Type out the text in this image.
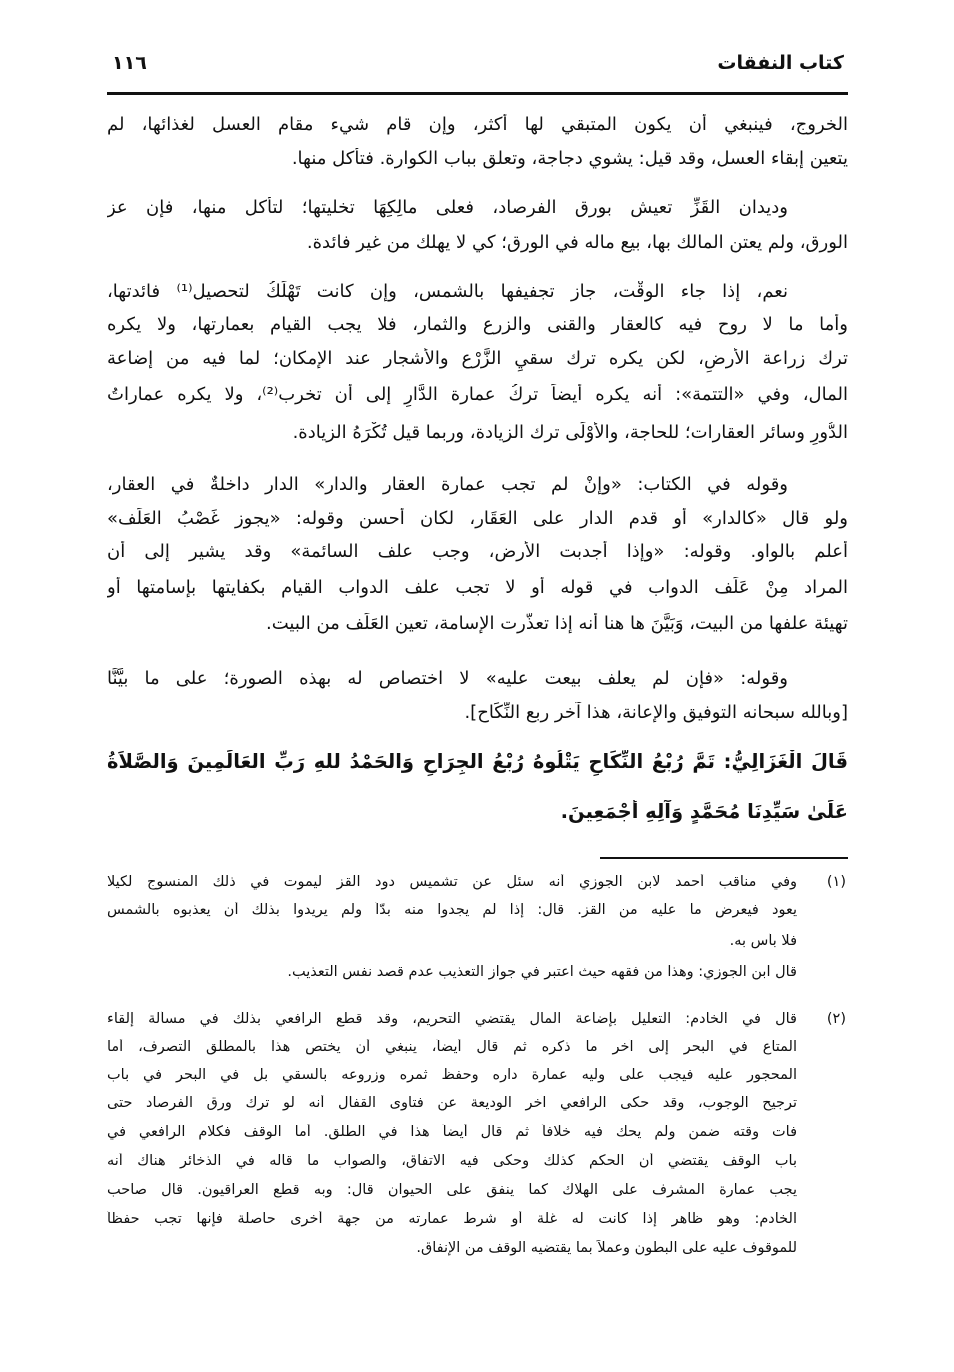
١١٦	كتاب النفقات
الخروج، فينبغي أن يكون المتبقي لها أكثر، وإن قام شيء مقام العسل لغذائها، لم
يتعين إبقاء العسل، وقد قيل: يشوي دجاجة، وتعلق بباب الكوارة. فتأكل منها.
وديدان القَزِّ تعيش بورق الفرصاد، فعلى مالِكِهَا تخليتها؛ لتأكل منها، فإن عز
الورق، ولم يعتن المالك بها، بيع ماله في الورق؛ كي لا يهلك من غير فائدة.
نعم، إذا جاء الوقْت، جاز تجفيفها بالشمس، وإن كانت تَهْلَكُ لتحصيل⁽¹⁾ فائدتها،
وأما ما لا روح فيه كالعقار والقنى والزرع والثمار، فلا يجب القيام بعمارتها، ولا يكره
ترك زراعة الأرضِ، لكن يكره ترك سقيِ الزَّرْع والأشجار عند الإمكان؛ لما فيه من إضاعة
المال، وفي «التتمة»: أنه يكره أيضاً تركُ عمارة الدَّارِ إلى أن تخرب⁽²⁾، ولا يكره عماراتُ
الدُّورِ وسائر العقارات؛ للحاجة، والأَوْلَى ترك الزيادة، وربما قيل تُكْرَهُ الزيادة.
وقوله في الكتاب: «وإنْ لم تجب عمارة العقار والدار» الدار داخلةٌ في العقار،
ولو قال «كالدار» أو قدم الدار على العَقَار، لكان أحسن وقوله: «يجوز غَصْبُ العَلَف»
أعلم بالواو. وقوله: «وإذا أجدبت الأرض، وجب علف السائمة» وقد يشير إلى أن
المراد مِنْ عَلَف الدواب في قوله أو لا تجب علف الدواب القيام بكفايتها بإسامتها أو
تهيئة علفها من البيت، وَبَيَّنَ ها هنا أنه إذا تعذَّرت الإسامة، تعين العَلَف من البيت.
وقوله: «فإن لم يعلف بيعت عليه» لا اختصاص له بهذه الصورة؛ على ما بيَّنَّا
[وبالله سبحانه التوفيق والإعانة، هذا آخر ربع النِّكَاح].
قَالَ الْغَزَالِيُّ: تَمَّ رُبْعُ النِّكَاحِ يَتْلُوهُ رُبْعُ الجِرَاحِ وَالحَمْدُ للهِ رَبِّ العَالَمِينَ وَالصَّلاَةُ
عَلَىٰ سَيِّدِنَا مُحَمَّدٍ وَآلِهِ أجْمَعِينَ.
(١)
وفي مناقب أحمد لابن الجوزي أنه سئل عن تشميس دود القز ليموت في ذلك المنسوج لكيلا
يعود فيعرض ما عليه من القز. قال: إذا لم يجدوا منه بدّاً ولم يريدوا بذلك أن يعذبوه بالشمس
فلا بأس به.
قال ابن الجوزي: وهذا من فقهه حيث اعتبر في جواز التعذيب عدم قصد نفس التعذيب.
(٢)
قال في الخادم: التعليل بإضاعة المال يقتضي التحريم، وقد قطع الرافعي بذلك في مسألة إلقاء
المتاع في البحر إلى آخر ما ذكره ثم قال أيضاً، ينبغي أن يختص هذا بالمطلق التصرف، أما
المحجور عليه فيجب على وليه عمارة داره وحفظ ثمره وزروعه بالسقي بل في البحر في باب
ترجيح الوجوب، وقد حكى الرافعي آخر الوديعة عن فتاوى القفال أنه لو ترك ورق الفرصاد حتى
فات وقته ضمن ولم يحك فيه خلافاً ثم قال أيضاً هذا في الطلق. أما الوقف فكلام الرافعي في
باب الوقف يقتضي أن الحكم كذلك وحكى فيه الاتفاق، والصواب ما قاله في الذخائر هناك أنه
يجب عمارة المشرف على الهلاك كما ينفق على الحيوان قال: وبه قطع العراقيون. قال صاحب
الخادم: وهو ظاهر إذا كانت له غلة أو شرط عمارته من جهة أُخرى حاصلة فإنها تجب حفظاً
للموقوف عليه على البطون وعملاً بما يقتضيه الوقف من الإنفاق.
